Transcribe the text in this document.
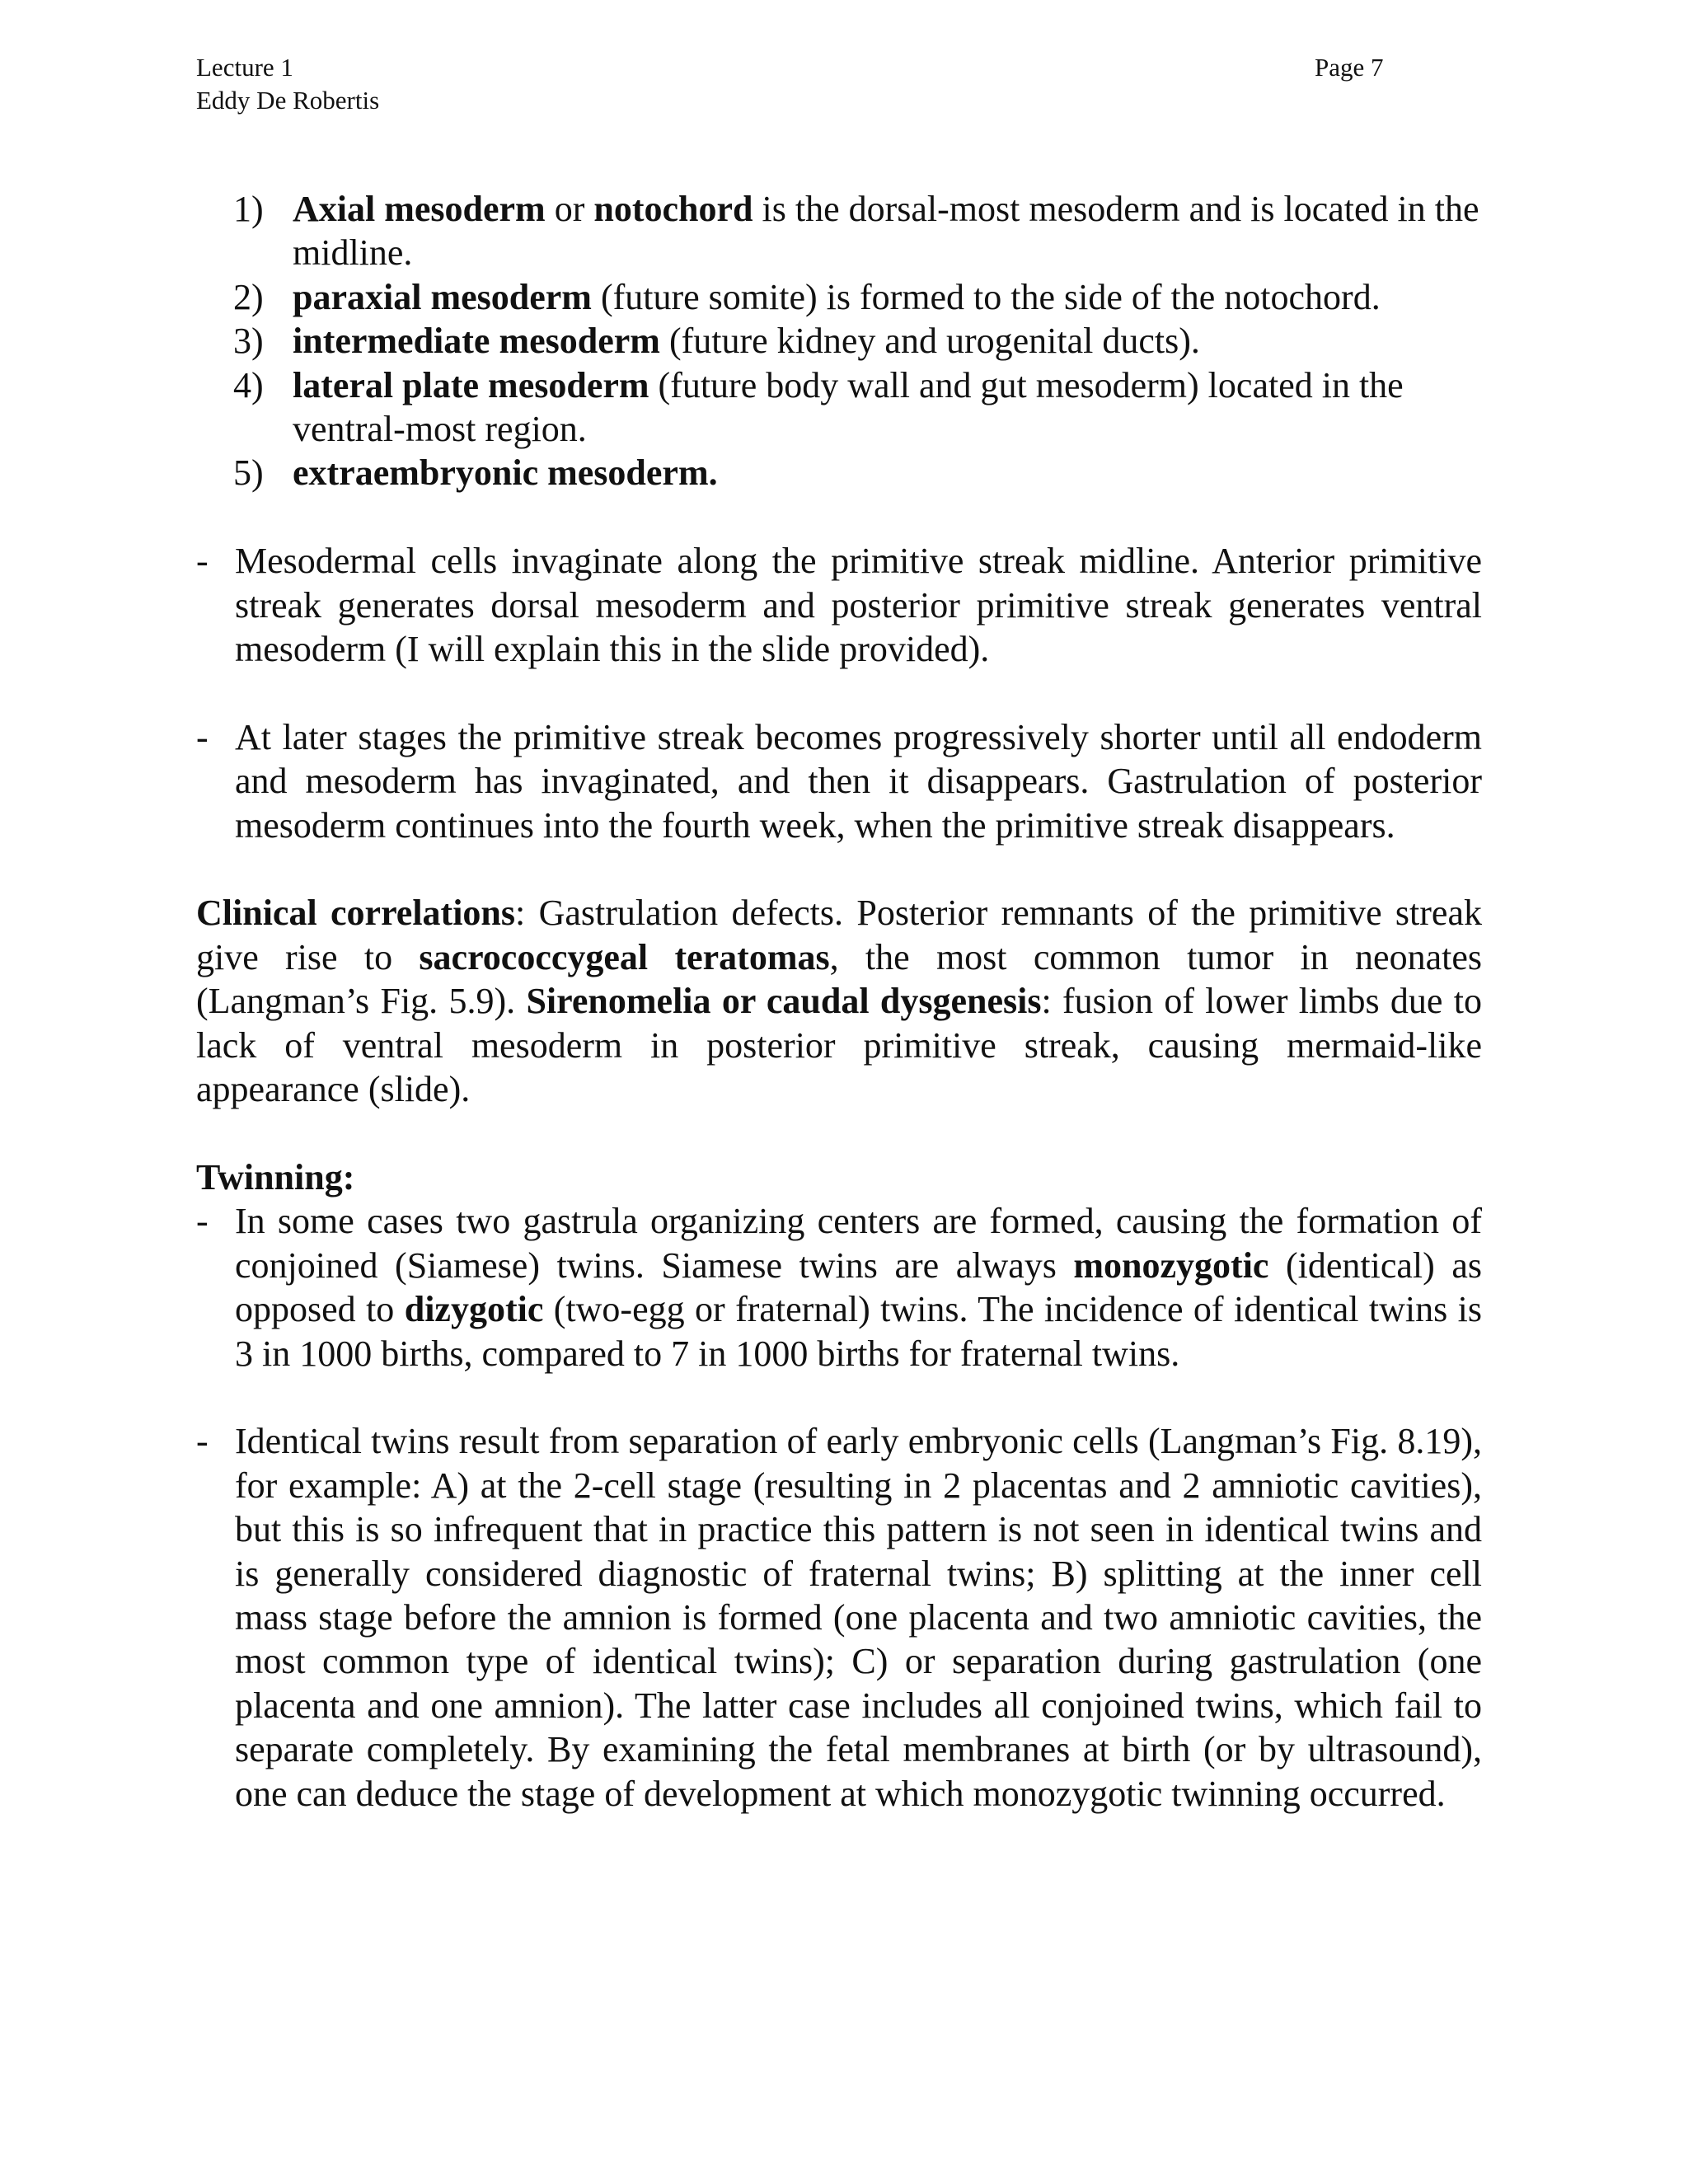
Lecture 1
Eddy De Robertis
Page 7
1) Axial mesoderm or notochord is the dorsal-most mesoderm and is located in the midline.
2) paraxial mesoderm (future somite) is formed to the side of the notochord.
3) intermediate mesoderm (future kidney and urogenital ducts).
4) lateral plate mesoderm (future body wall and gut mesoderm) located in the ventral-most region.
5) extraembryonic mesoderm.
- Mesodermal cells invaginate along the primitive streak midline. Anterior primitive streak generates dorsal mesoderm and posterior primitive streak generates ventral mesoderm (I will explain this in the slide provided).
- At later stages the primitive streak becomes progressively shorter until all endoderm and mesoderm has invaginated, and then it disappears. Gastrulation of posterior mesoderm continues into the fourth week, when the primitive streak disappears.

Clinical correlations: Gastrulation defects. Posterior remnants of the primitive streak give rise to sacrococcygeal teratomas, the most common tumor in neonates (Langman’s Fig. 5.9). Sirenomelia or caudal dysgenesis: fusion of lower limbs due to lack of ventral mesoderm in posterior primitive streak, causing mermaid-like appearance (slide).

Twinning:
- In some cases two gastrula organizing centers are formed, causing the formation of conjoined (Siamese) twins. Siamese twins are always monozygotic (identical) as opposed to dizygotic (two-egg or fraternal) twins. The incidence of identical twins is 3 in 1000 births, compared to 7 in 1000 births for fraternal twins.
- Identical twins result from separation of early embryonic cells (Langman’s Fig. 8.19), for example: A) at the 2-cell stage (resulting in 2 placentas and 2 amniotic cavities), but this is so infrequent that in practice this pattern is not seen in identical twins and is generally considered diagnostic of fraternal twins; B) splitting at the inner cell mass stage before the amnion is formed (one placenta and two amniotic cavities, the most common type of identical twins); C) or separation during gastrulation (one placenta and one amnion). The latter case includes all conjoined twins, which fail to separate completely. By examining the fetal membranes at birth (or by ultrasound), one can deduce the stage of development at which monozygotic twinning occurred.
